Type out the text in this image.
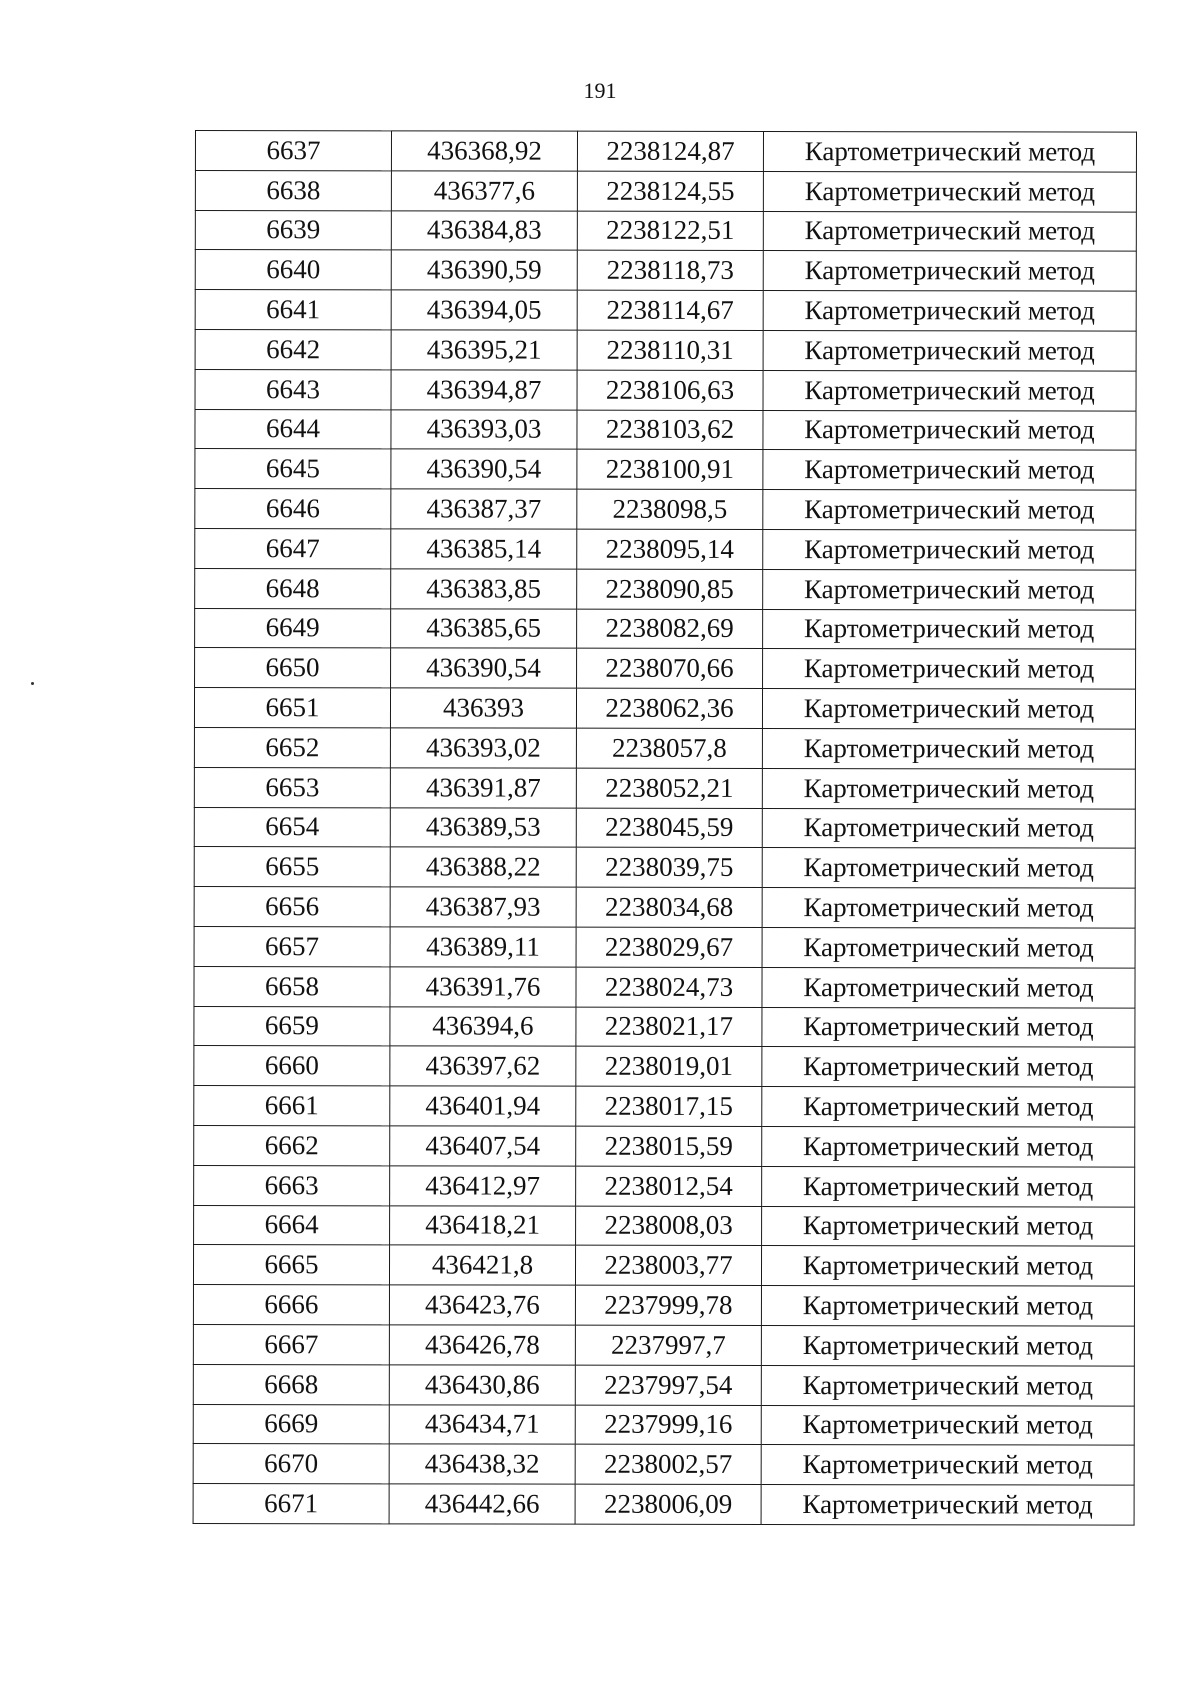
191
6637	436368,92	2238124,87	Картометрический метод
6638	436377,6	2238124,55	Картометрический метод
6639	436384,83	2238122,51	Картометрический метод
6640	436390,59	2238118,73	Картометрический метод
6641	436394,05	2238114,67	Картометрический метод
6642	436395,21	2238110,31	Картометрический метод
6643	436394,87	2238106,63	Картометрический метод
6644	436393,03	2238103,62	Картометрический метод
6645	436390,54	2238100,91	Картометрический метод
6646	436387,37	2238098,5	Картометрический метод
6647	436385,14	2238095,14	Картометрический метод
6648	436383,85	2238090,85	Картометрический метод
6649	436385,65	2238082,69	Картометрический метод
6650	436390,54	2238070,66	Картометрический метод
6651	436393	2238062,36	Картометрический метод
6652	436393,02	2238057,8	Картометрический метод
6653	436391,87	2238052,21	Картометрический метод
6654	436389,53	2238045,59	Картометрический метод
6655	436388,22	2238039,75	Картометрический метод
6656	436387,93	2238034,68	Картометрический метод
6657	436389,11	2238029,67	Картометрический метод
6658	436391,76	2238024,73	Картометрический метод
6659	436394,6	2238021,17	Картометрический метод
6660	436397,62	2238019,01	Картометрический метод
6661	436401,94	2238017,15	Картометрический метод
6662	436407,54	2238015,59	Картометрический метод
6663	436412,97	2238012,54	Картометрический метод
6664	436418,21	2238008,03	Картометрический метод
6665	436421,8	2238003,77	Картометрический метод
6666	436423,76	2237999,78	Картометрический метод
6667	436426,78	2237997,7	Картометрический метод
6668	436430,86	2237997,54	Картометрический метод
6669	436434,71	2237999,16	Картометрический метод
6670	436438,32	2238002,57	Картометрический метод
6671	436442,66	2238006,09	Картометрический метод
